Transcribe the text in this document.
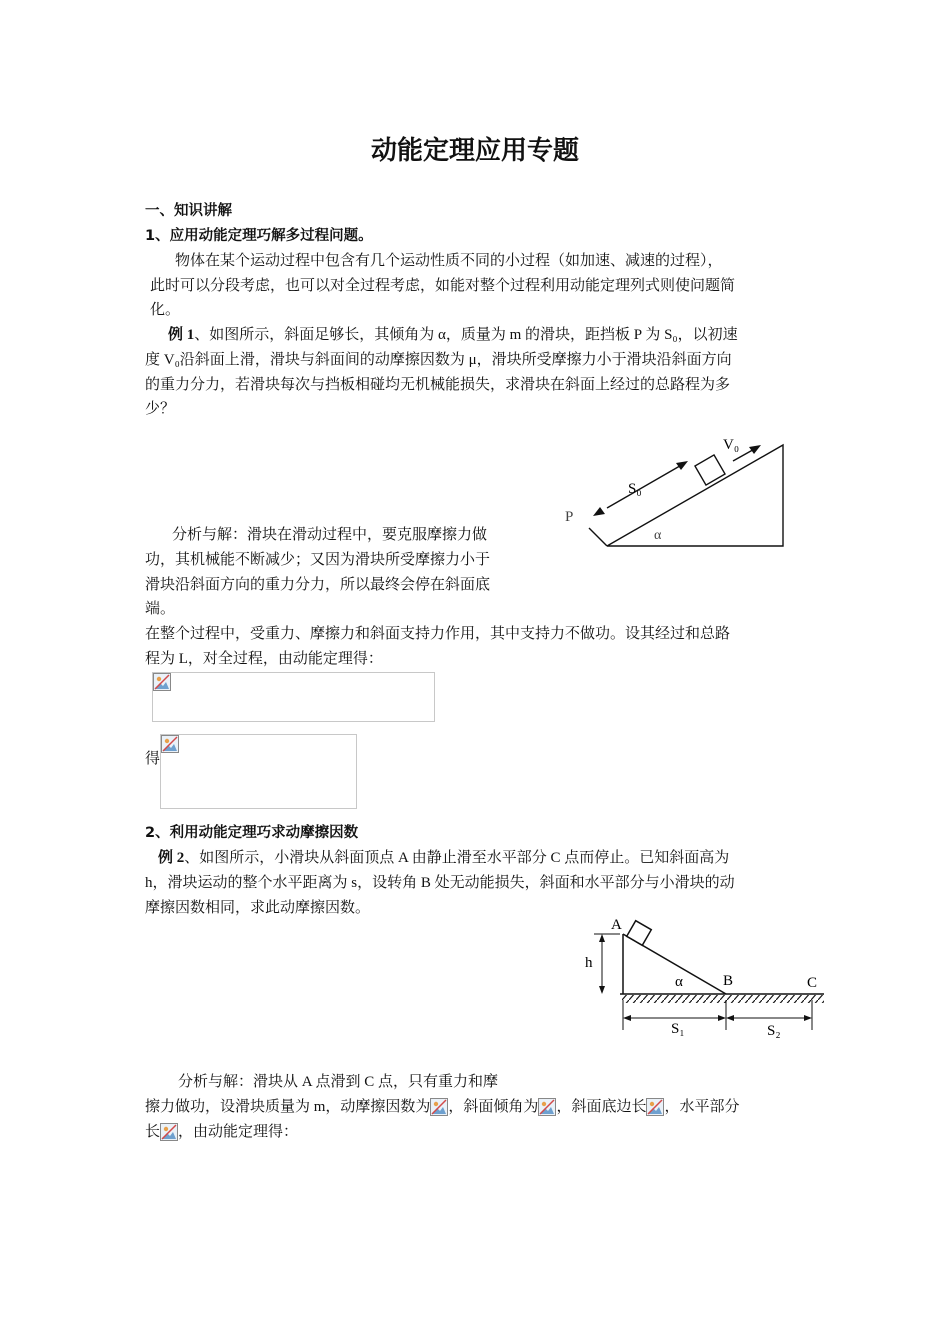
动能定理应用专题
一、知识讲解
1、应用动能定理巧解多过程问题。
物体在某个运动过程中包含有几个运动性质不同的小过程（如加速、减速的过程），
此时可以分段考虑，也可以对全过程考虑，如能对整个过程利用动能定理列式则使问题简
化。
例 1、如图所示，斜面足够长，其倾角为 α，质量为 m 的滑块，距挡板 P 为 S₀，以初速
度 V₀沿斜面上滑，滑块与斜面间的动摩擦因数为 μ，滑块所受摩擦力小于滑块沿斜面方向
的重力分力，若滑块每次与挡板相碰均无机械能损失，求滑块在斜面上经过的总路程为多
少？
V₀
S₀
P
α
分析与解：滑块在滑动过程中，要克服摩擦力做
功，其机械能不断减少；又因为滑块所受摩擦力小于
滑块沿斜面方向的重力分力，所以最终会停在斜面底
端。
在整个过程中，受重力、摩擦力和斜面支持力作用，其中支持力不做功。设其经过和总路
程为 L，对全过程，由动能定理得：
得
2、利用动能定理巧求动摩擦因数
例 2、如图所示，小滑块从斜面顶点 A 由静止滑至水平部分 C 点而停止。已知斜面高为
h，滑块运动的整个水平距离为 s，设转角 B 处无动能损失，斜面和水平部分与小滑块的动
摩擦因数相同，求此动摩擦因数。
A
h
α	B	C
S₁	S₂
分析与解：滑块从 A 点滑到 C 点，只有重力和摩
擦力做功，设滑块质量为 m，动摩擦因数为 ，斜面倾角为 ，斜面底边长 ，水平部分
长 ，由动能定理得：
